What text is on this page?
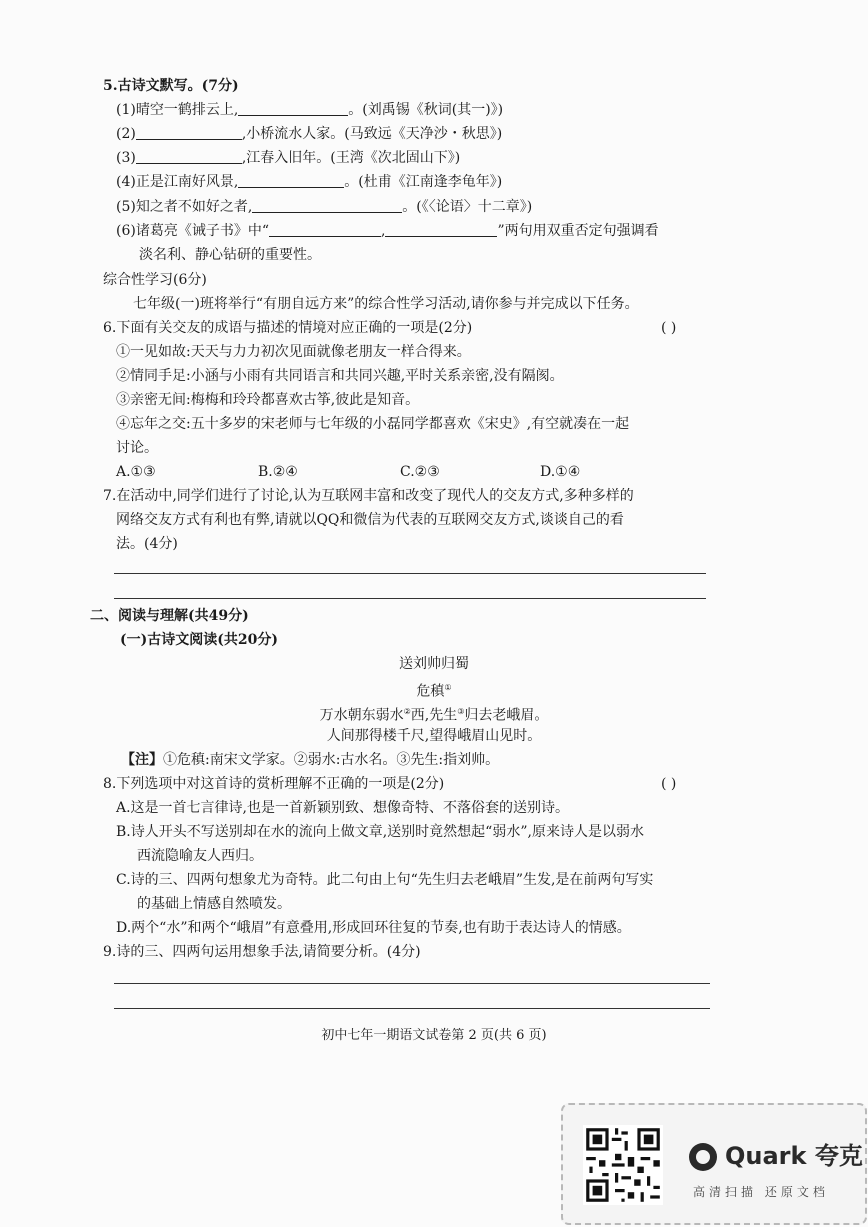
5.古诗文默写。(7分)
(1)晴空一鹤排云上,	。(刘禹锡《秋词(其一)》)
(2)	,小桥流水人家。(马致远《天净沙・秋思》)
(3)	,江春入旧年。(王湾《次北固山下》)
(4)正是江南好风景,	。(杜甫《江南逢李龟年》)
(5)知之者不如好之者,	。(《〈论语〉十二章》)
(6)诸葛亮《诫子书》中“	,	”两句用双重否定句强调看
淡名利、静心钻研的重要性。
综合性学习(6分)
七年级(一)班将举行“有朋自远方来”的综合性学习活动,请你参与并完成以下任务。
6.下面有关交友的成语与描述的情境对应正确的一项是(2分)	( )
①一见如故:天天与力力初次见面就像老朋友一样合得来。
②情同手足:小涵与小雨有共同语言和共同兴趣,平时关系亲密,没有隔阂。
③亲密无间:梅梅和玲玲都喜欢古筝,彼此是知音。
④忘年之交:五十多岁的宋老师与七年级的小磊同学都喜欢《宋史》,有空就凑在一起
讨论。
A.①③	B.②④	C.②③	D.①④
7.在活动中,同学们进行了讨论,认为互联网丰富和改变了现代人的交友方式,多种多样的
网络交友方式有利也有弊,请就以QQ和微信为代表的互联网交友方式,谈谈自己的看
法。(4分)
二、阅读与理解(共49分)
(一)古诗文阅读(共20分)
送刘帅归蜀
危稹①
万水朝东弱水②西,先生③归去老峨眉。
人间那得楼千尺,望得峨眉山见时。
【注】①危稹:南宋文学家。②弱水:古水名。③先生:指刘帅。
8.下列选项中对这首诗的赏析理解不正确的一项是(2分)	( )
A.这是一首七言律诗,也是一首新颖别致、想像奇特、不落俗套的送别诗。
B.诗人开头不写送别却在水的流向上做文章,送别时竟然想起“弱水”,原来诗人是以弱水
西流隐喻友人西归。
C.诗的三、四两句想象尤为奇特。此二句由上句“先生归去老峨眉”生发,是在前两句写实
的基础上情感自然喷发。
D.两个“水”和两个“峨眉”有意叠用,形成回环往复的节奏,也有助于表达诗人的情感。
9.诗的三、四两句运用想象手法,请简要分析。(4分)
初中七年一期语文试卷第 2 页(共 6 页)
Quark 夸克
高清扫描 还原文档
